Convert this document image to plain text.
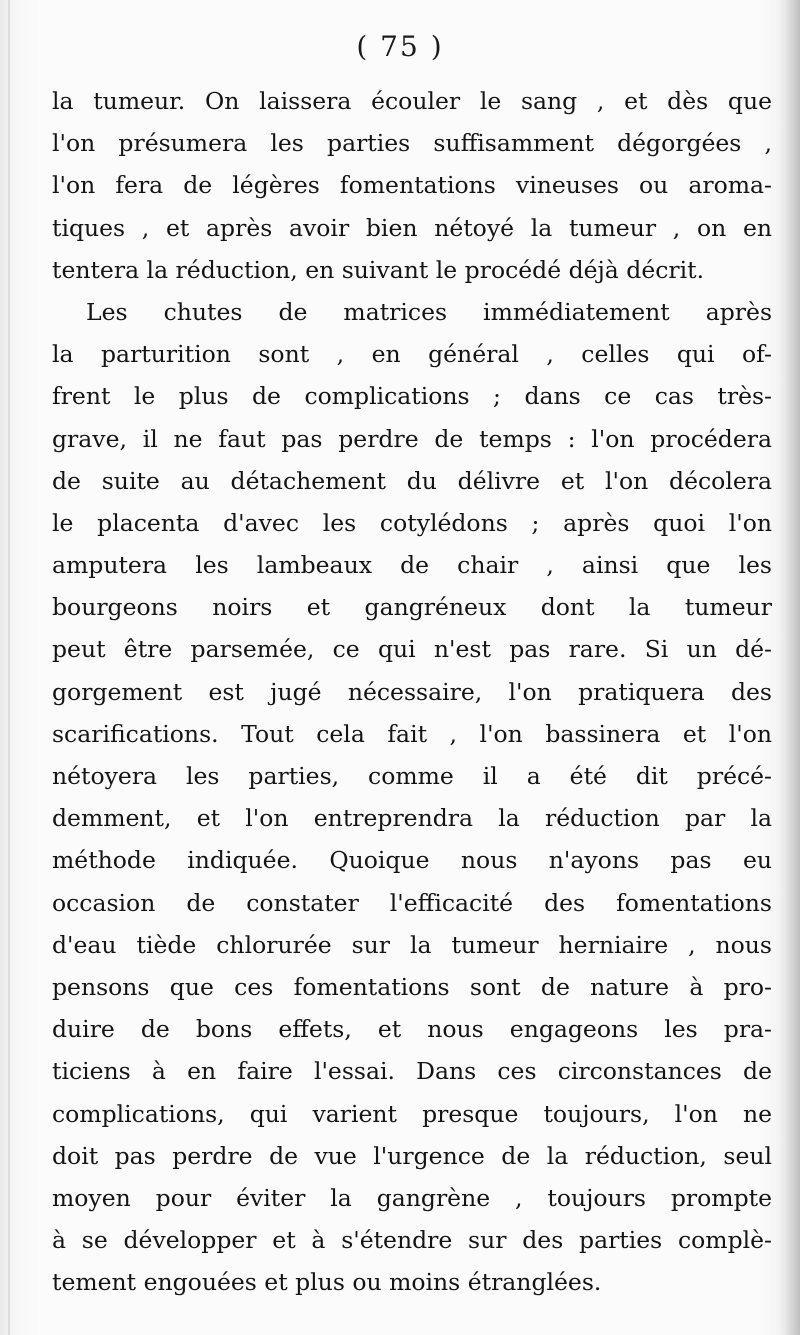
( 75 )
la tumeur. On laissera écouler le sang , et dès que
l'on présumera les parties suffisamment dégorgées ,
l'on fera de légères fomentations vineuses ou aroma-
tiques , et après avoir bien nétoyé la tumeur , on en
tentera la réduction, en suivant le procédé déjà décrit.
Les chutes de matrices immédiatement après
la parturition sont , en général , celles qui of-
frent le plus de complications ; dans ce cas très-
grave, il ne faut pas perdre de temps : l'on procédera
de suite au détachement du délivre et l'on décolera
le placenta d'avec les cotylédons ; après quoi l'on
amputera les lambeaux de chair , ainsi que les
bourgeons noirs et gangréneux dont la tumeur
peut être parsemée, ce qui n'est pas rare. Si un dé-
gorgement est jugé nécessaire, l'on pratiquera des
scarifications. Tout cela fait , l'on bassinera et l'on
nétoyera les parties, comme il a été dit précé-
demment, et l'on entreprendra la réduction par la
méthode indiquée. Quoique nous n'ayons pas eu
occasion de constater l'efficacité des fomentations
d'eau tiède chlorurée sur la tumeur herniaire , nous
pensons que ces fomentations sont de nature à pro-
duire de bons effets, et nous engageons les pra-
ticiens à en faire l'essai. Dans ces circonstances de
complications, qui varient presque toujours, l'on ne
doit pas perdre de vue l'urgence de la réduction, seul
moyen pour éviter la gangrène , toujours prompte
à se développer et à s'étendre sur des parties complè-
tement engouées et plus ou moins étranglées.
